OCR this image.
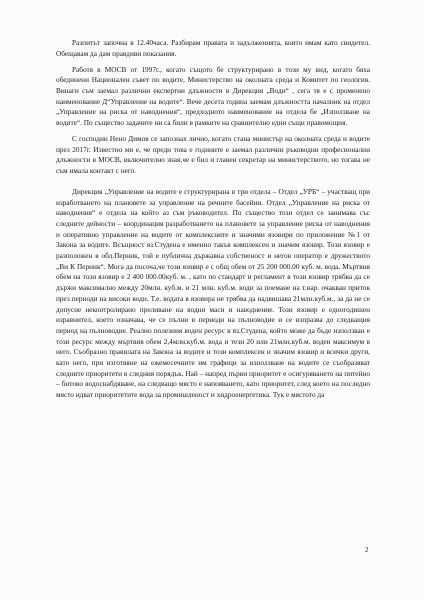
Разпитът започна в 12.40часа. Разбирам правата и задълженията, които имам като свидетел. Обещавам да дам правдиви показания.

Работя в МОСВ от 1997г., когато същото бе структурирано в този му вид, когато бяха обединени Национален съвет по водите, Министерство на околната среда и Комитет по геология. Винаги съм заемал различни експертни длъжности в Дирекция „Води“ , сега тя е с променено наименование Д“Управление на водите“. Вече десета година заемам длъжността началник на отдел „Управление на риска от наводнения“, предходното наименование на отдела бе „Използване на водите“. По същество задачите ни са били в рамките на сравнително едни същи правомощия.

С господин Нено Димов се запознах лично, когато стана министър на околната среда и водите през 2017г. Известно ми е, че преди това е годините е заемал различни ръководни професионални длъжности в МОСВ, включително зная,че е бил и главен секретар на министерството, но тогава не съм имала контакт с него.

Дирекция „Управление на водите е структурирана в три отдела – Отдел „УРБ“ – участващ при изработването на плановете за управление на речните басейни. Отдел „Управление на риска от наводнения“ е отдела на който аз съм ръководител. По същество този отдел се занимава със следните дейности – координация разработването на плановете за управление риска от наводнения и оперативно управление на водите от комплексните и значими язовири по приложение №1 от Закона за водите. Всъщност яз.Студена е именно такъв комплексен и значим язовир. Този язовир е разположен в обл.Перник, той е публична държавна собственост и негов оператор е дружеството „Ви К Перник“. Мога да посоча,че този язовир е с общ обем от 25 200 000.00 куб. м. вода. Мъртвия обем на този язовир е 2 400 000.00куб. м. , като по стандарт и регламент в този язовир трябва да се държи максимално между 20млн. куб.м. и 21 млн. куб.м. води за поемане на т.нар. очакван приток през периоди на високи води. Т.е. водата в язовира не трябва да надвишава 21млн.куб.м., за да не се допусне неконтролирано преливане на водни маси и наводнение. Този язовир е едногодишен изравнител, което означава, че се пълни в периоди на пълноводие и се изпразва до следващия период на пълноводие. Реално полезния воден ресурс в яз.Студена, който може да бъде използван е този ресурс между мъртвия обем 2,4млн.куб.м. вода и тези 20 или 21млн.куб.м. воден максимум в него. Съобразно правилата на Закона за водите и този комплексен и значим язовир и всички други, като него, при изготвяне на ежемесечните им графици за използване на водите се съобразяват следните приоритети в следния порядък. Най – напред първи приоритет е осигуряването на питейно – битово водоснабдяване, на следващо място е напояването, като приоритет, след което на последно място идват приоритетите вода за промишленост и хидроенергетика. Тук е мястото да

2
